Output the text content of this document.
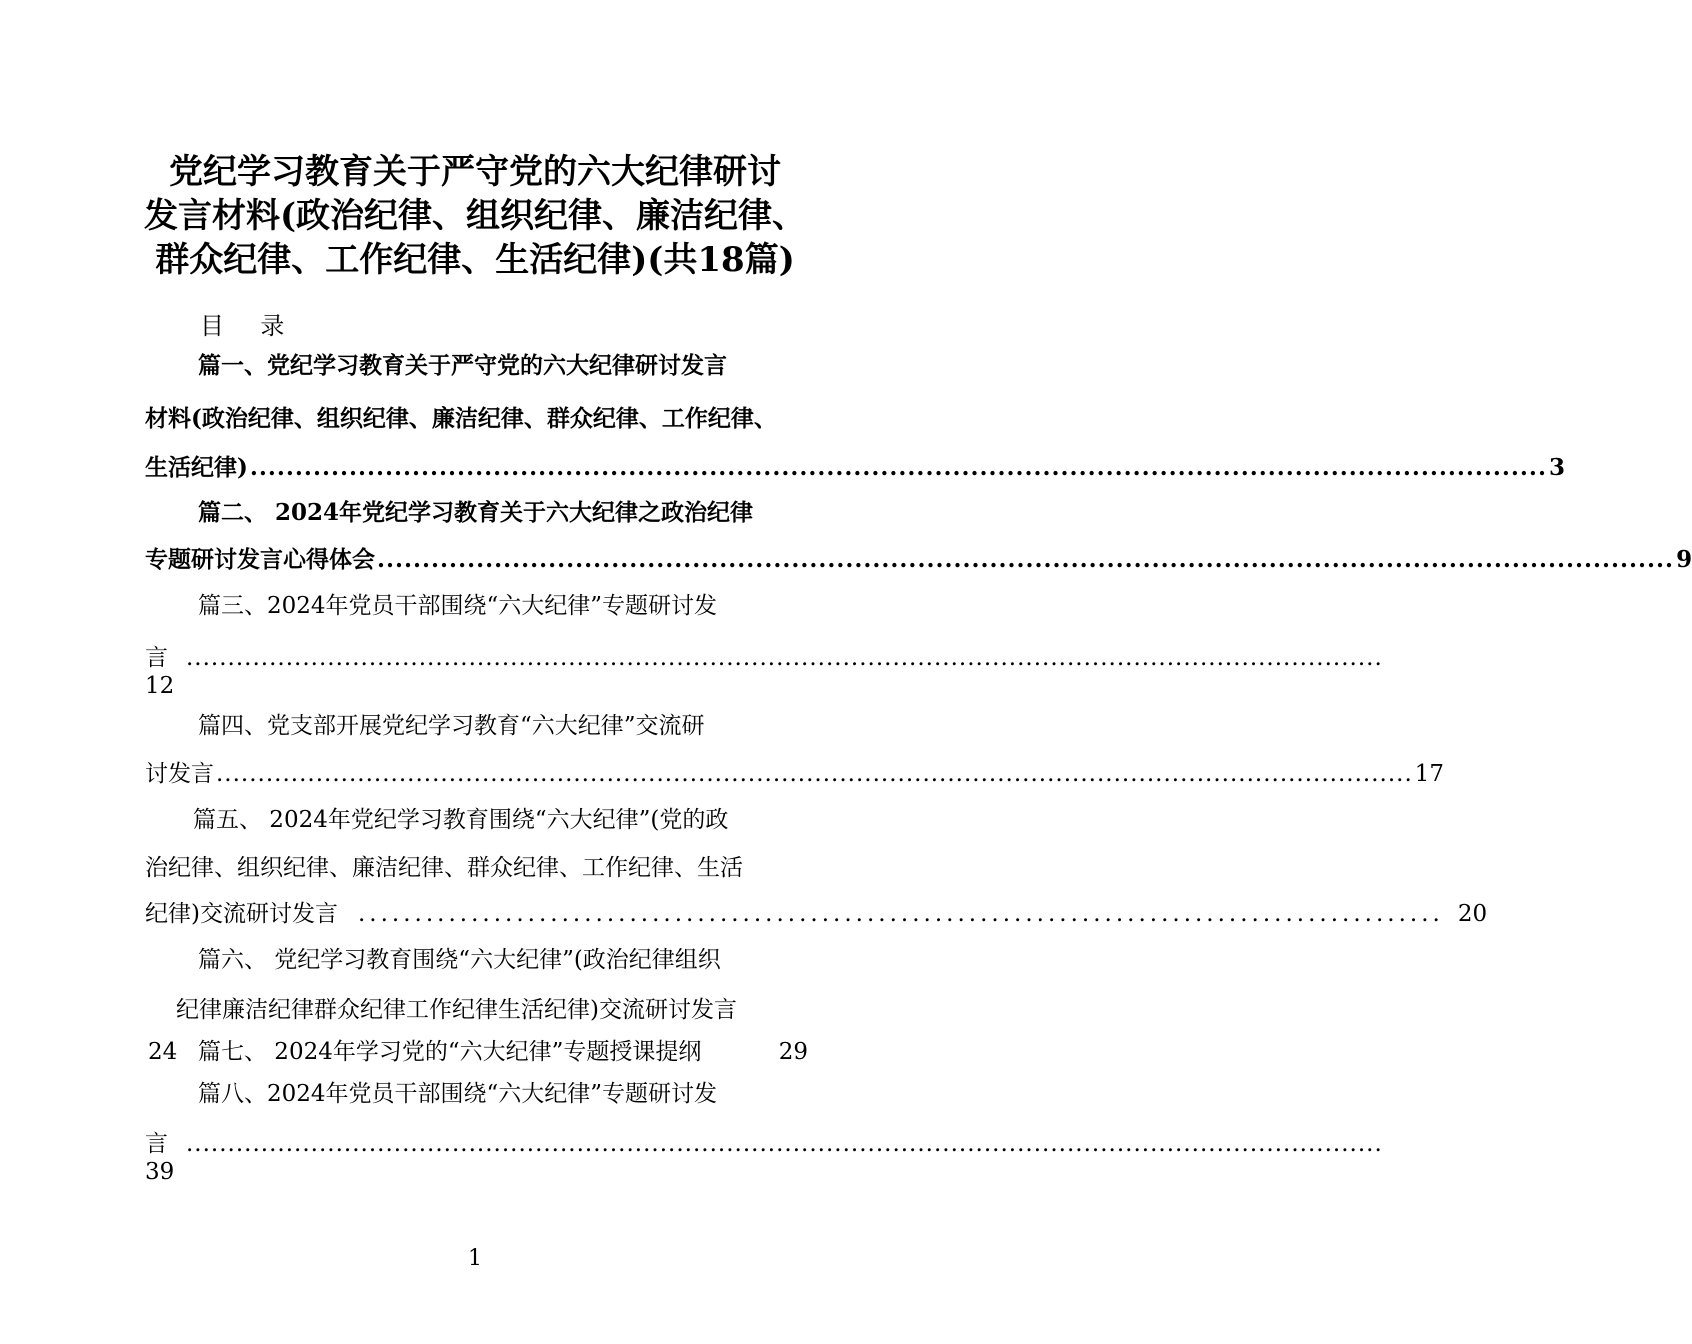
党纪学习教育关于严守党的六大纪律研讨
发言材料(政治纪律、组织纪律、廉洁纪律、
群众纪律、工作纪律、生活纪律)(共18篇)
目 录
篇一、党纪学习教育关于严守党的六大纪律研讨发言
材料(政治纪律、组织纪律、廉洁纪律、群众纪律、工作纪律、
生活纪律) ................................................................................................................................................ 3
篇二、 2024年党纪学习教育关于六大纪律之政治纪律
专题研讨发言心得体会 ................................................................................................................................................ 9
篇三、2024年党员干部围绕“六大纪律”专题研讨发
言 ................................................................................................................................................
12
篇四、党支部开展党纪学习教育“六大纪律”交流研
讨发言 ................................................................................................................................................ 17
篇五、 2024年党纪学习教育围绕“六大纪律”(党的政
治纪律、组织纪律、廉洁纪律、群众纪律、工作纪律、生活
纪律)交流研讨发言 ................................................................................................ 20
篇六、 党纪学习教育围绕“六大纪律”(政治纪律组织
纪律廉洁纪律群众纪律工作纪律生活纪律)交流研讨发言
24 篇七、 2024年学习党的“六大纪律”专题授课提纲	29
篇八、2024年党员干部围绕“六大纪律”专题研讨发
言 ................................................................................................................................................
39
1
